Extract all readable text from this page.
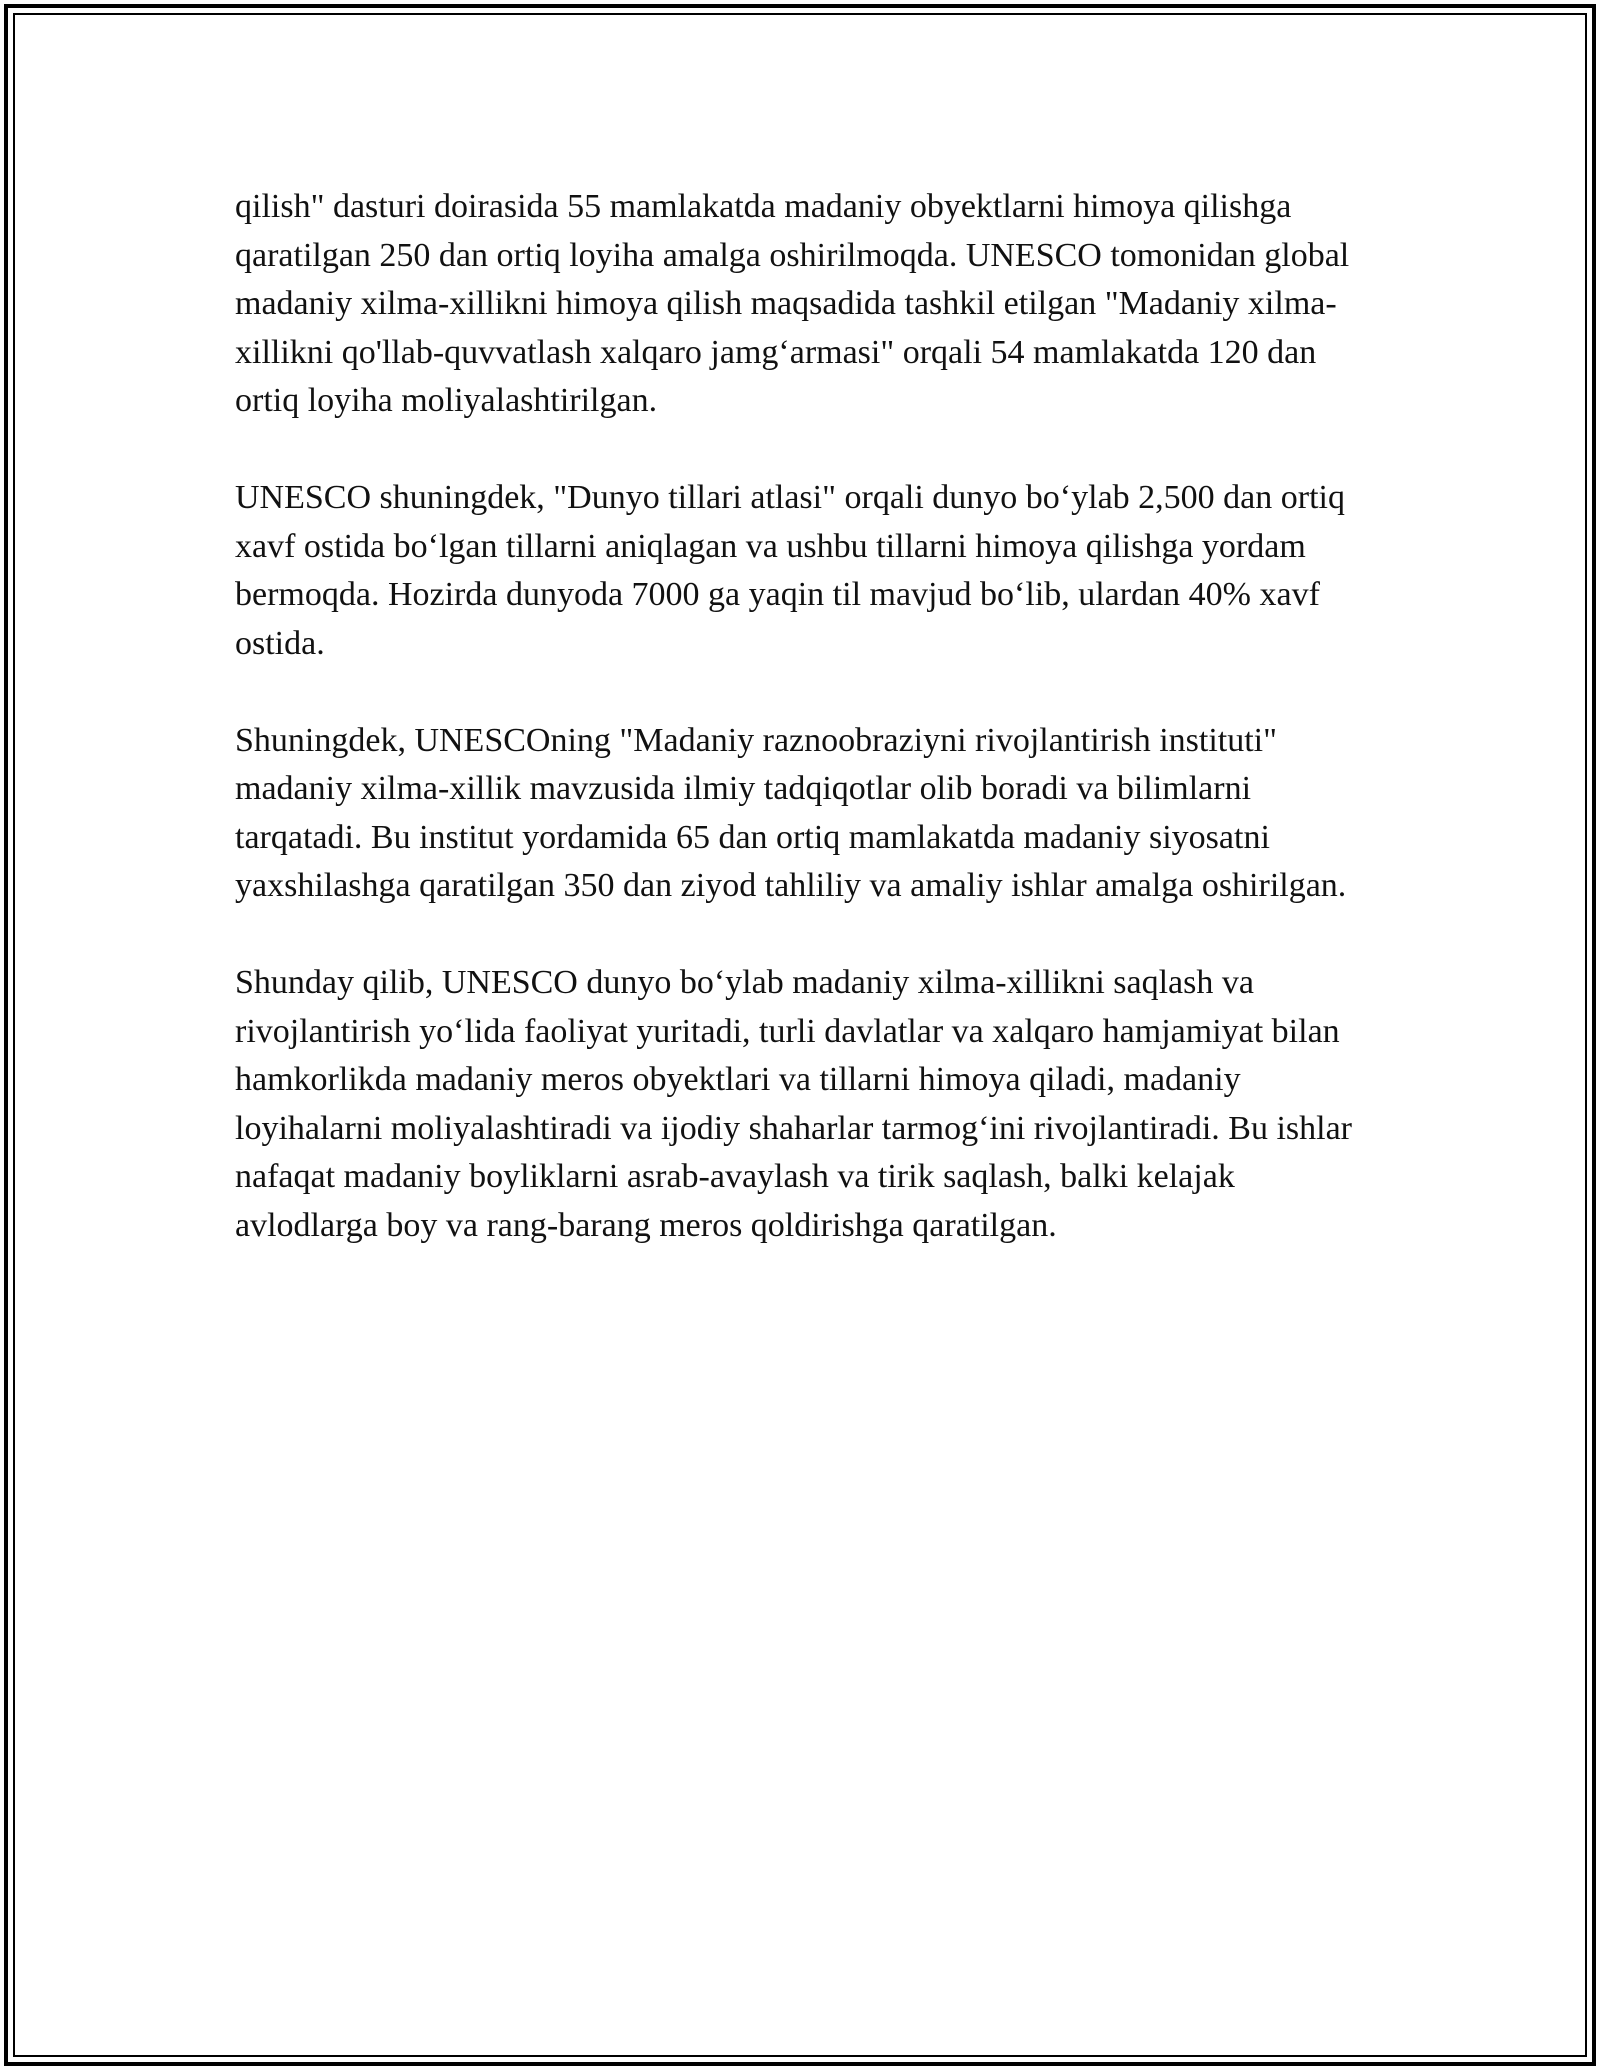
qilish" dasturi doirasida 55 mamlakatda madaniy obyektlarni himoya qilishga qaratilgan 250 dan ortiq loyiha amalga oshirilmoqda. UNESCO tomonidan global madaniy xilma-xillikni himoya qilish maqsadida tashkil etilgan "Madaniy xilma-xillikni qo'llab-quvvatlash xalqaro jamg‘armasi" orqali 54 mamlakatda 120 dan ortiq loyiha moliyalashtirilgan.

UNESCO shuningdek, "Dunyo tillari atlasi" orqali dunyo bo‘ylab 2,500 dan ortiq xavf ostida bo‘lgan tillarni aniqlagan va ushbu tillarni himoya qilishga yordam bermoqda. Hozirda dunyoda 7000 ga yaqin til mavjud bo‘lib, ulardan 40% xavf ostida.

Shuningdek, UNESCOning "Madaniy raznoobraziyni rivojlantirish instituti" madaniy xilma-xillik mavzusida ilmiy tadqiqotlar olib boradi va bilimlarni tarqatadi. Bu institut yordamida 65 dan ortiq mamlakatda madaniy siyosatni yaxshilashga qaratilgan 350 dan ziyod tahliliy va amaliy ishlar amalga oshirilgan.

Shunday qilib, UNESCO dunyo bo‘ylab madaniy xilma-xillikni saqlash va rivojlantirish yo‘lida faoliyat yuritadi, turli davlatlar va xalqaro hamjamiyat bilan hamkorlikda madaniy meros obyektlari va tillarni himoya qiladi, madaniy loyihalarni moliyalashtiradi va ijodiy shaharlar tarmog‘ini rivojlantiradi. Bu ishlar nafaqat madaniy boyliklarni asrab-avaylash va tirik saqlash, balki kelajak avlodlarga boy va rang-barang meros qoldirishga qaratilgan.
